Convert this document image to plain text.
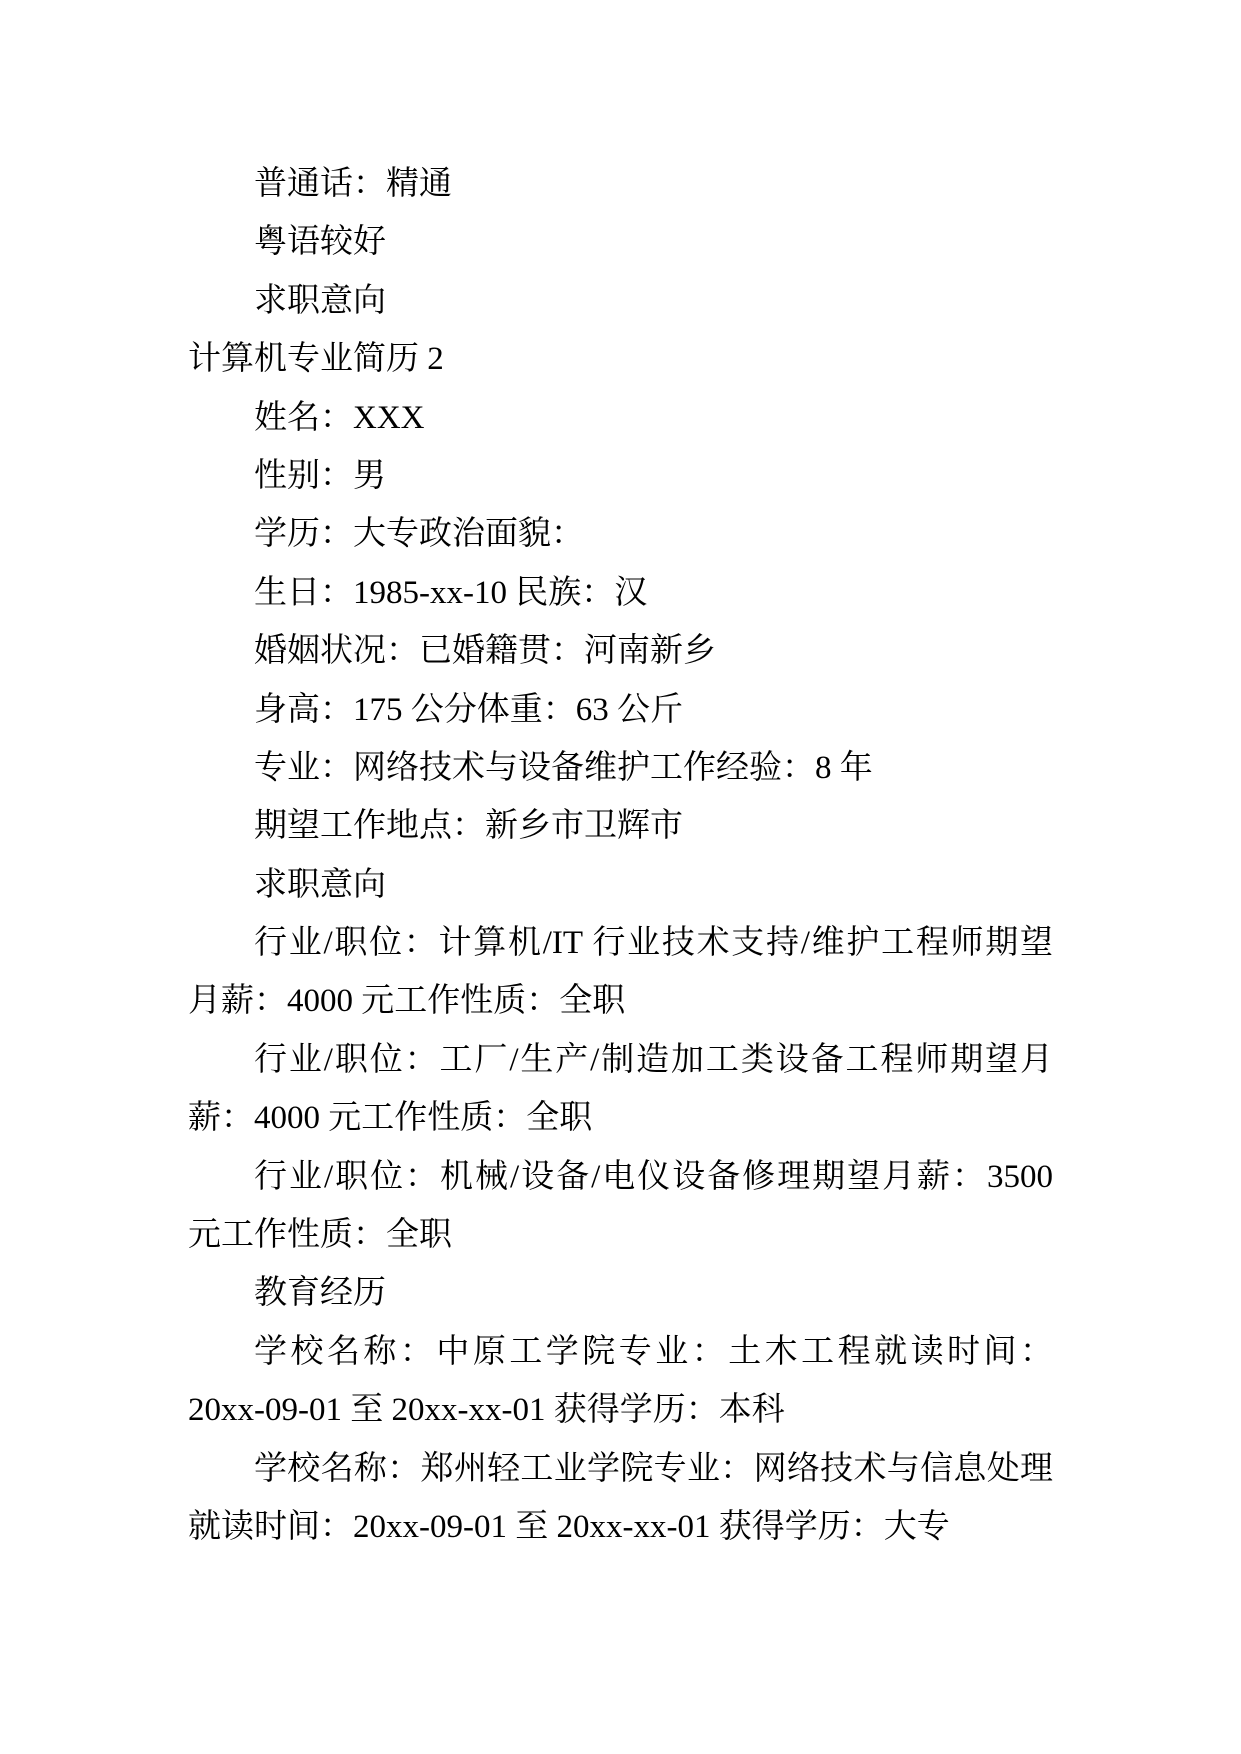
普通话：精通

粤语较好

求职意向

计算机专业简历 2

姓名：XXX

性别：男

学历：大专政治面貌：

生日：1985-xx-10 民族：汉

婚姻状况：已婚籍贯：河南新乡

身高：175 公分体重：63 公斤

专业：网络技术与设备维护工作经验：8 年

期望工作地点：新乡市卫辉市

求职意向

行业/职位：计算机/IT 行业技术支持/维护工程师期望

月薪：4000 元工作性质：全职

行业/职位：工厂/生产/制造加工类设备工程师期望月

薪：4000 元工作性质：全职

行业/职位：机械/设备/电仪设备修理期望月薪：3500

元工作性质：全职

教育经历

学校名称：中原工学院专业：土木工程就读时间：

20xx-09-01 至 20xx-xx-01 获得学历：本科

学校名称：郑州轻工业学院专业：网络技术与信息处理

就读时间：20xx-09-01 至 20xx-xx-01 获得学历：大专
